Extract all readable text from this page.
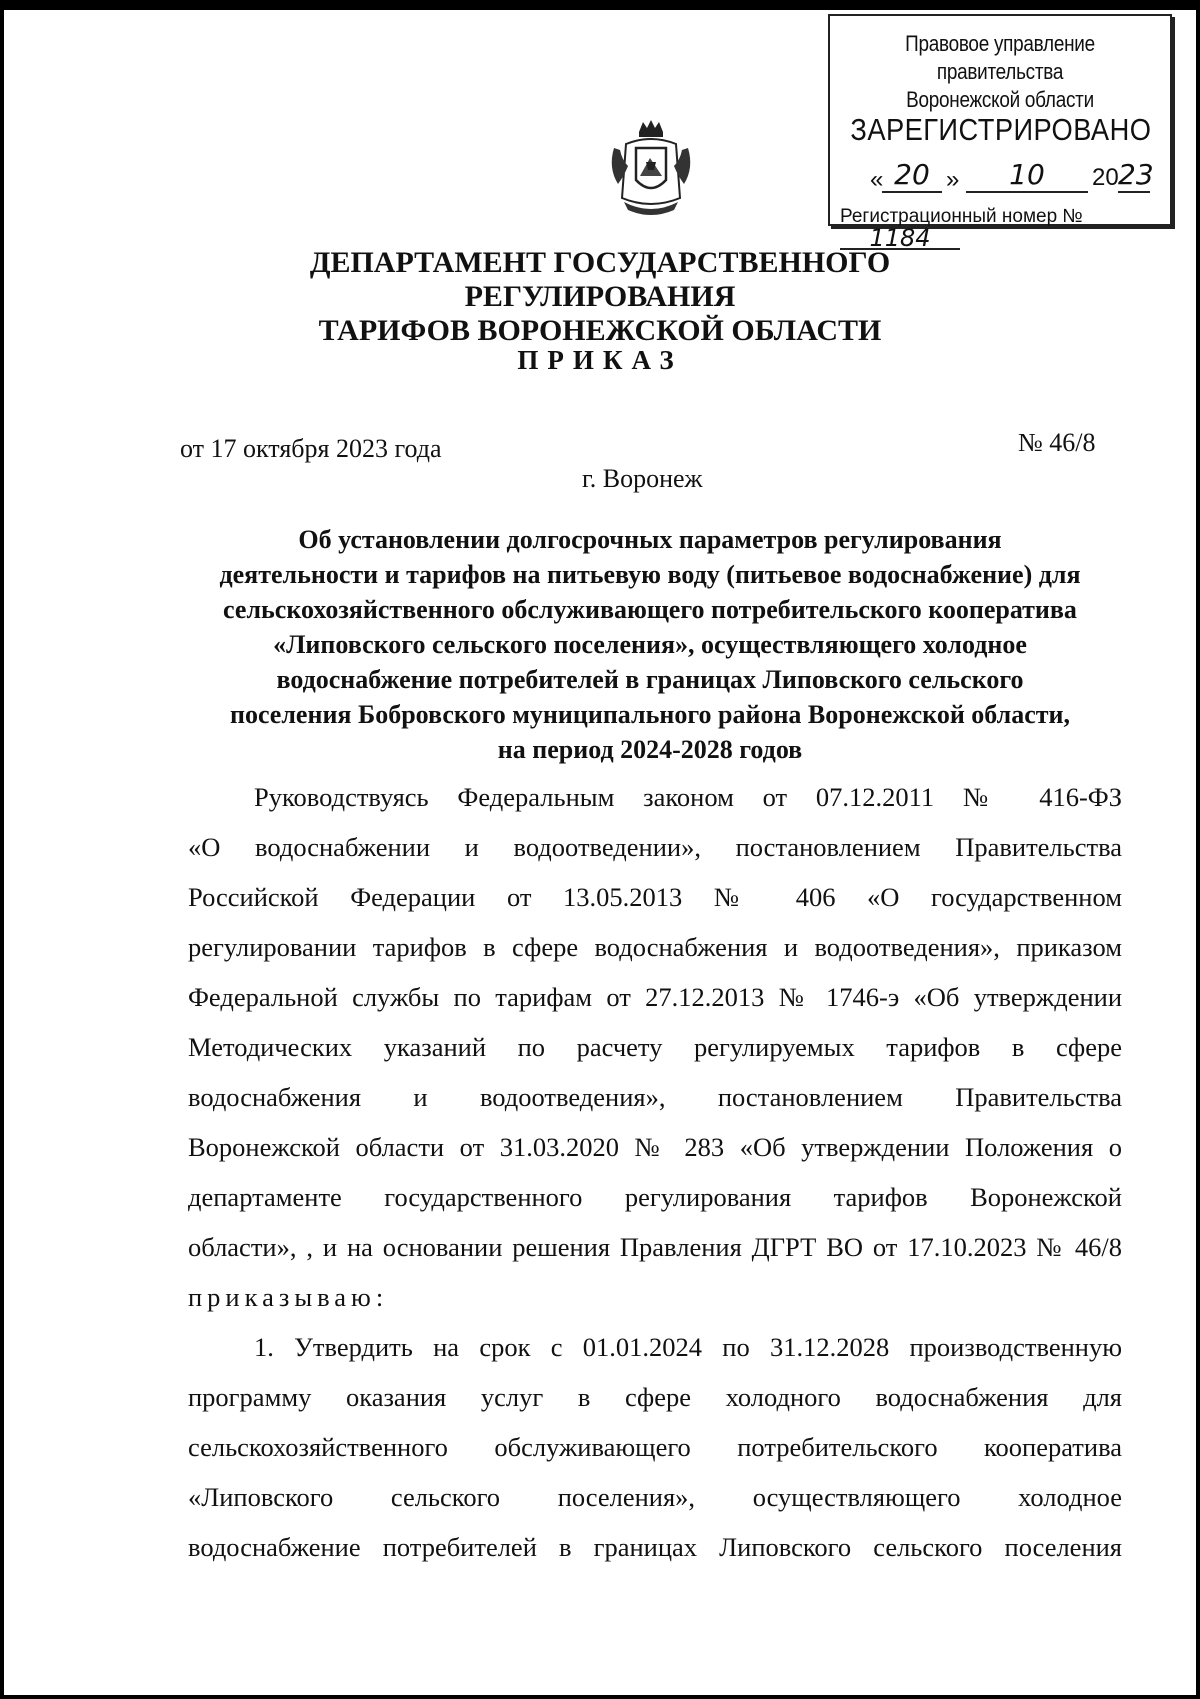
Правовое управление правительства
Воронежской области
ЗАРЕГИСТРИРОВАНО
« 20 »	10	20 23
Регистрационный номер № 1184
ДЕПАРТАМЕНТ ГОСУДАРСТВЕННОГО РЕГУЛИРОВАНИЯ
ТАРИФОВ ВОРОНЕЖСКОЙ ОБЛАСТИ
ПРИКАЗ
от 17 октября 2023 года	№ 46/8
г. Воронеж
Об установлении долгосрочных параметров регулирования
деятельности и тарифов на питьевую воду (питьевое водоснабжение) для
сельскохозяйственного обслуживающего потребительского кооператива
«Липовского сельского поселения», осуществляющего холодное
водоснабжение потребителей в границах Липовского сельского
поселения Бобровского муниципального района Воронежской области,
на период 2024-2028 годов
Руководствуясь Федеральным законом от 07.12.2011 № 416-ФЗ
«О водоснабжении и водоотведении», постановлением Правительства
Российской Федерации от 13.05.2013 № 406 «О государственном
регулировании тарифов в сфере водоснабжения и водоотведения», приказом
Федеральной службы по тарифам от 27.12.2013 № 1746-э «Об утверждении
Методических указаний по расчету регулируемых тарифов в сфере
водоснабжения и водоотведения», постановлением Правительства
Воронежской области от 31.03.2020 № 283 «Об утверждении Положения о
департаменте государственного регулирования тарифов Воронежской
области», , и на основании решения Правления ДГРТ ВО от 17.10.2023 № 46/8
приказываю:
1. Утвердить на срок с 01.01.2024 по 31.12.2028 производственную
программу оказания услуг в сфере холодного водоснабжения для
сельскохозяйственного обслуживающего потребительского кооператива
«Липовского сельского поселения», осуществляющего холодное
водоснабжение потребителей в границах Липовского сельского поселения
